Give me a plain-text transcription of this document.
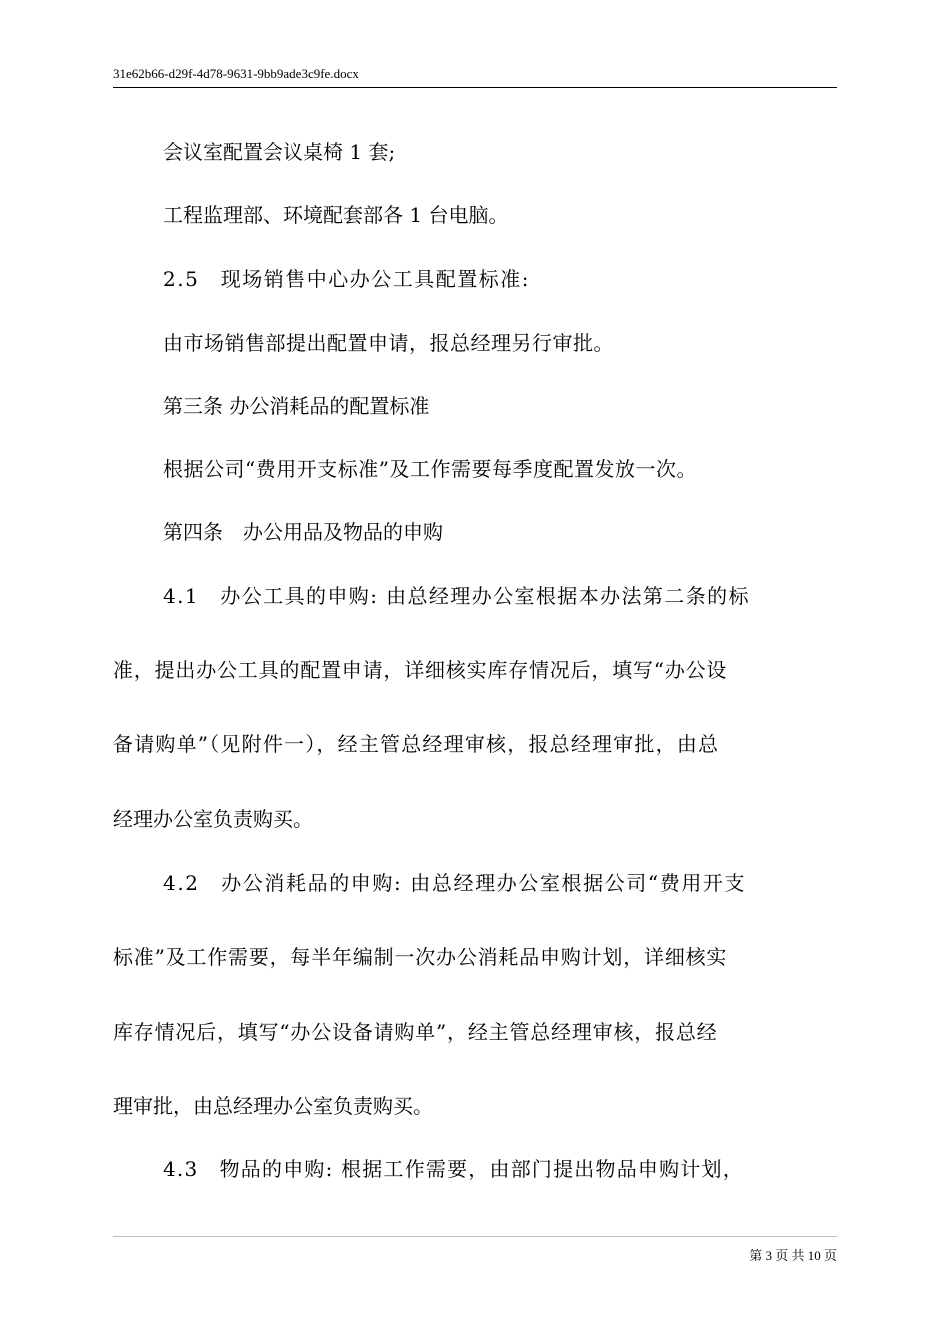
31e62b66-d29f-4d78-9631-9bb9ade3c9fe.docx
会议室配置会议桌椅 1 套;
工程监理部、环境配套部各 1 台电脑。
2.5　现场销售中心办公工具配置标准:
由市场销售部提出配置申请，报总经理另行审批。
第三条 办公消耗品的配置标准
根据公司“费用开支标准”及工作需要每季度配置发放一次。
第四条　办公用品及物品的申购
4.1　办公工具的申购: 由总经理办公室根据本办法第二条的标
准，提出办公工具的配置申请，详细核实库存情况后，填写“办公设
备请购单”（见附件一），经主管总经理审核，报总经理审批，由总
经理办公室负责购买。
4.2　办公消耗品的申购: 由总经理办公室根据公司“费用开支
标准”及工作需要，每半年编制一次办公消耗品申购计划，详细核实
库存情况后，填写“办公设备请购单”，经主管总经理审核，报总经
理审批，由总经理办公室负责购买。
4.3　物品的申购: 根据工作需要，由部门提出物品申购计划，
第 3 页 共 10 页
